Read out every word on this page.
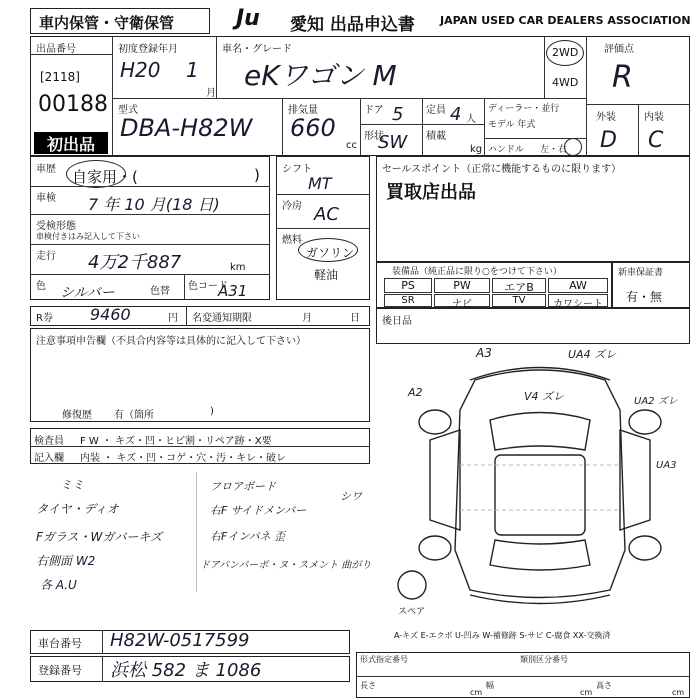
車内保管・守衛保管	Ju	愛知 出品申込書 JAPAN USED CAR DEALERS ASSOCIATION
出品番号
[2118]
00188
初出品
初度登録年月
H20 1
月
車名・グレード
eKワゴン M
2WD
4WD
評価点
R
外装	内装
D C
型式
DBA-H82W
排気量
660
cc
ドア 5
形状
SW
定員 4 人
積載
kg
ディーラー・並行
モデル 年式
ハンドル 左・右
車歴 自家用・(	)
車検 7 年 10 月(18 日)
受検形態
車検付きはみ記入して下さい
走行 4万2千887	km
色 シルバー	色替 色コード
A31
シフト
MT
冷房 AC
燃料
ガソリン
軽油
セールスポイント（正常に機能するものに限ります）
買取店出品
装備品（純正品に限り○をつけて下さい）
PS	PW	エアB	AW
SR	ナビ	TV	カワシート
新車保証書
有・無
R券 9460	円 名変通知期限	月	日 後日品
注意事項申告欄（不具合内容等は具体的に記入して下さい）
修復歴 有（箇所	)
検査員 F W ・ キズ・凹・ヒビ割・リペア跡・X要
記入欄 内装 ・ キズ・凹・コゲ・穴・汚・キレ・破レ
ミミ
タイヤ・ディオ
Fガラス・Wガバーキズ
右側面 W2
各 A.U
フロアボード
右F サイドメンバー
右Fインパネ 歪
ドアパンパーボ・ヌ・スメント 曲がり
シワ
A3	UA4 ズレ
A2	V4 ズレ	UA2 ズレ
UA3
スペア
A-キズ E-エクボ U-凹み W-補修跡 S-サビ C-腐食 XX-交換済
車台番号 H82W-0517599
登録番号 浜松 582 ま 1086
形式指定番号	類別区分番号
長さ
cm
幅
cm
高さ
cm
